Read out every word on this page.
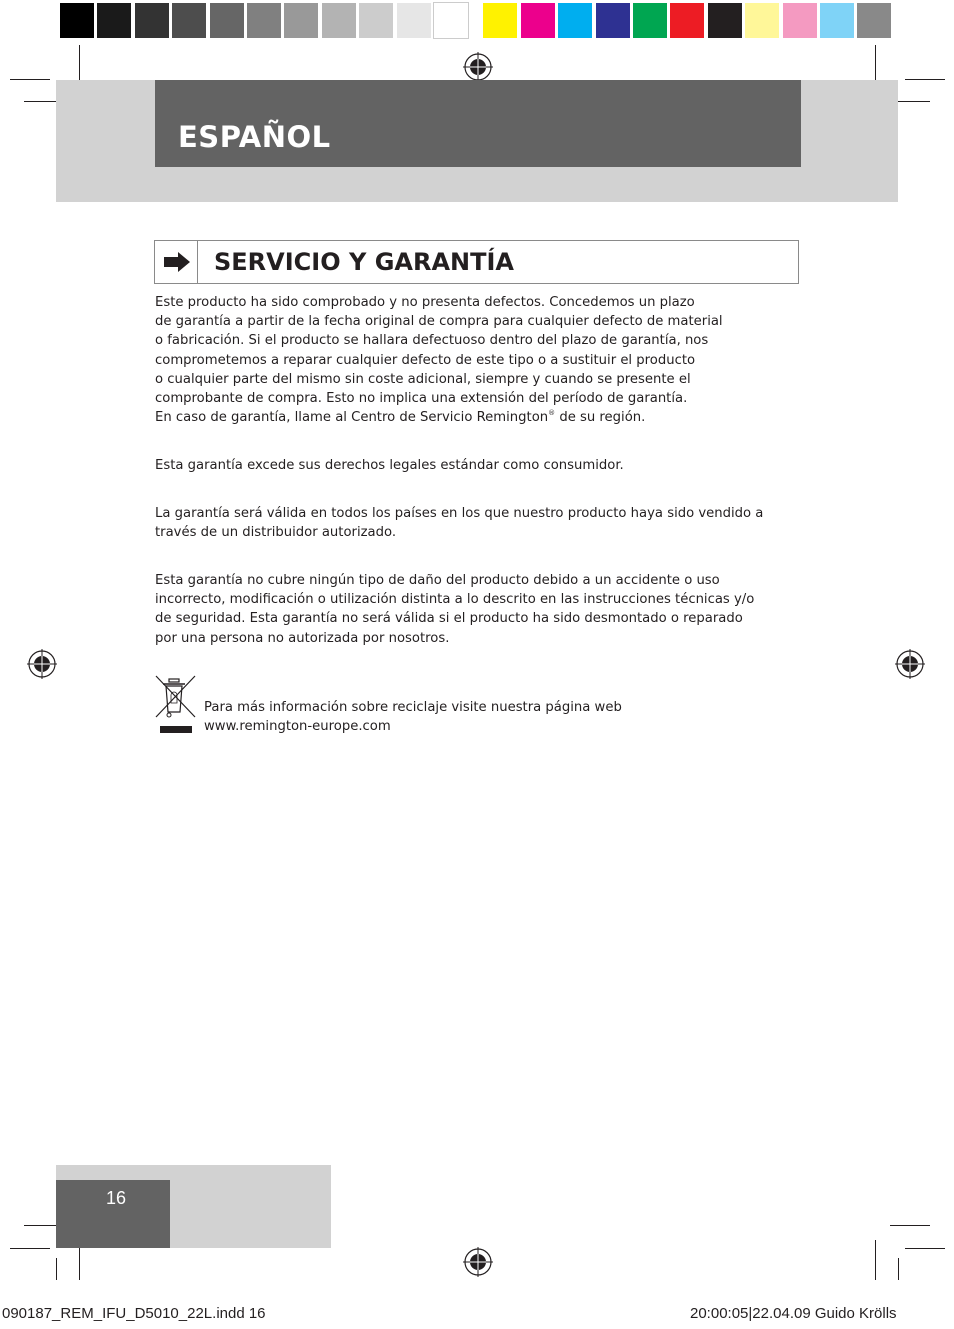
ESPAÑOL
SERVICIO Y GARANTÍA
Este producto ha sido comprobado y no presenta defectos. Concedemos un plazo
de garantía a partir de la fecha original de compra para cualquier defecto de material
o fabricación. Si el producto se hallara defectuoso dentro del plazo de garantía, nos
comprometemos a reparar cualquier defecto de este tipo o a sustituir el producto
o cualquier parte del mismo sin coste adicional, siempre y cuando se presente el
comprobante de compra. Esto no implica una extensión del período de garantía.
En caso de garantía, llame al Centro de Servicio Remington® de su región.
Esta garantía excede sus derechos legales estándar como consumidor.
La garantía será válida en todos los países en los que nuestro producto haya sido vendido a
través de un distribuidor autorizado.
Esta garantía no cubre ningún tipo de daño del producto debido a un accidente o uso
incorrecto, modificación o utilización distinta a lo descrito en las instrucciones técnicas y/o
de seguridad. Esta garantía no será válida si el producto ha sido desmontado o reparado
por una persona no autorizada por nosotros.
Para más información sobre reciclaje visite nuestra página web
www.remington-europe.com
16
090187_REM_IFU_D5010_22L.indd 16	20:00:05|22.04.09 Guido Krölls
